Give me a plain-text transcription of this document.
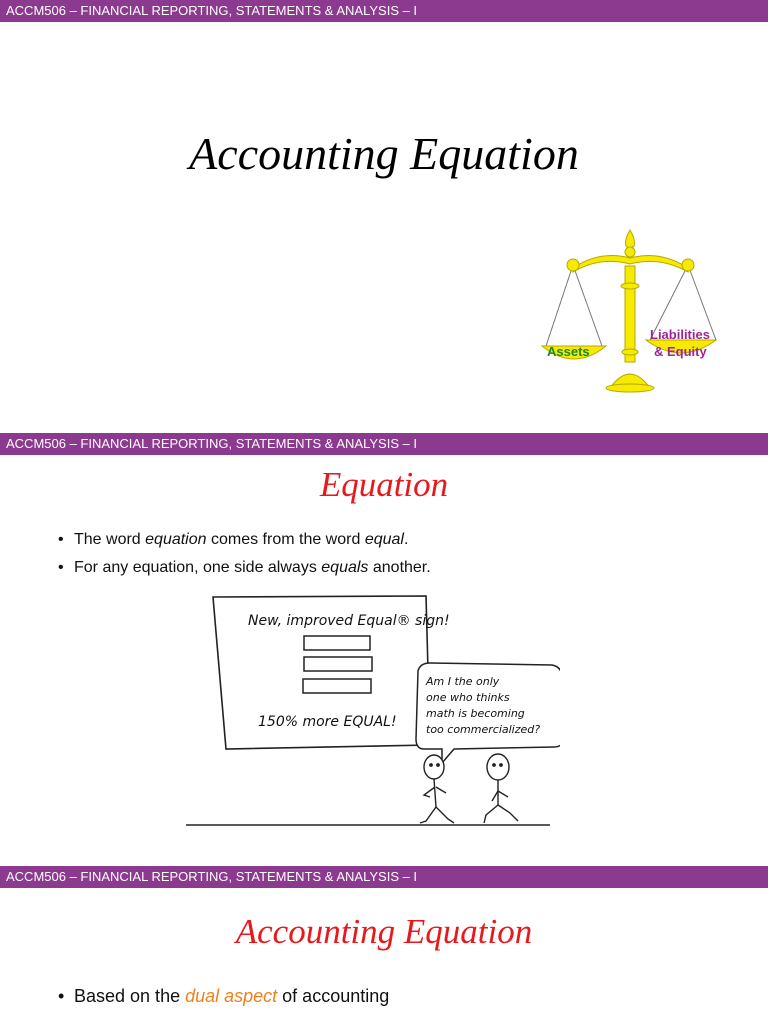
ACCM506 – FINANCIAL REPORTING, STATEMENTS & ANALYSIS – I
Accounting Equation
Assets
Liabilities
& Equity
ACCM506 – FINANCIAL REPORTING, STATEMENTS & ANALYSIS – I
Equation
• The word equation comes from the word equal.
• For any equation, one side always equals another.
New, improved Equal® sign!
150% more EQUAL!
Am I the only
one who thinks
math is becoming
too commercialized?
ACCM506 – FINANCIAL REPORTING, STATEMENTS & ANALYSIS – I
Accounting Equation
• Based on the dual aspect of accounting
